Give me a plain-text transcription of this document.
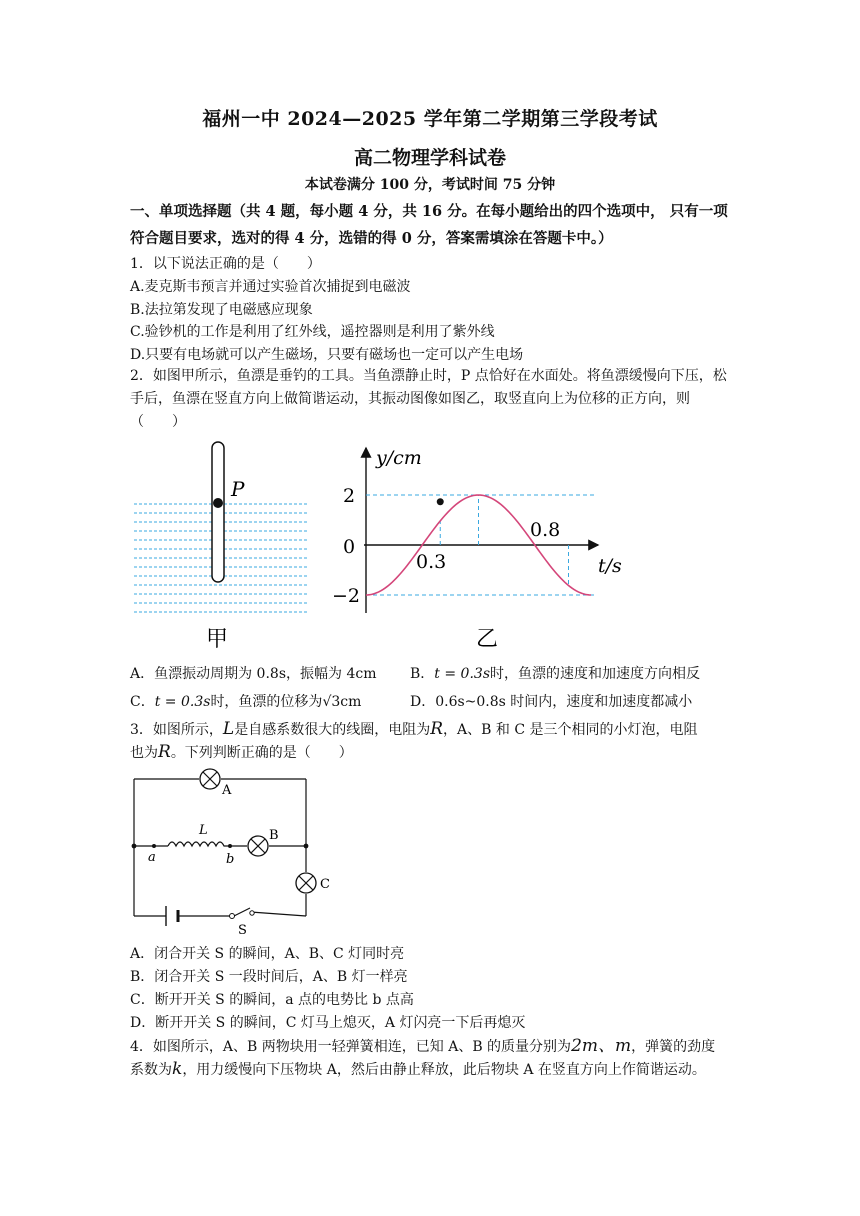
福州一中 2024—2025 学年第二学期第三学段考试
高二物理学科试卷
本试卷满分 100 分，考试时间 75 分钟
一、单项选择题（共 4 题，每小题 4 分，共 16 分。在每小题给出的四个选项中， 只有一项符合题目要求，选对的得 4 分，选错的得 0 分，答案需填涂在答题卡中。）
1．以下说法正确的是（　　）
A.麦克斯韦预言并通过实验首次捕捉到电磁波
B.法拉第发现了电磁感应现象
C.验钞机的工作是利用了红外线，遥控器则是利用了紫外线
D.只要有电场就可以产生磁场，只要有磁场也一定可以产生电场
2．如图甲所示，鱼漂是垂钓的工具。当鱼漂静止时，P 点恰好在水面处。将鱼漂缓慢向下压，松手后，鱼漂在竖直方向上做简谐运动，其振动图像如图乙，取竖直向上为位移的正方向，则（　　）
P
甲
y/cm
t/s
2
0
−2
0.3
0.8
乙
A．鱼漂振动周期为 0.8s，振幅为 4cm B．t = 0.3s时，鱼漂的速度和加速度方向相反
C．t = 0.3s时，鱼漂的位移为√3cm	D．0.6s~0.8s 时间内，速度和加速度都减小
3．如图所示，L是自感系数很大的线圈，电阻为R，A、B 和 C 是三个相同的小灯泡，电阻
也为R。下列判断正确的是（　　）
A
B
C
L
a	b
S
A．闭合开关 S 的瞬间，A、B、C 灯同时亮
B．闭合开关 S 一段时间后，A、B 灯一样亮
C．断开开关 S 的瞬间，a 点的电势比 b 点高
D．断开开关 S 的瞬间，C 灯马上熄灭，A 灯闪亮一下后再熄灭
4．如图所示，A、B 两物块用一轻弹簧相连，已知 A、B 的质量分别为2m、m，弹簧的劲度
系数为k，用力缓慢向下压物块 A，然后由静止释放，此后物块 A 在竖直方向上作简谐运动。
